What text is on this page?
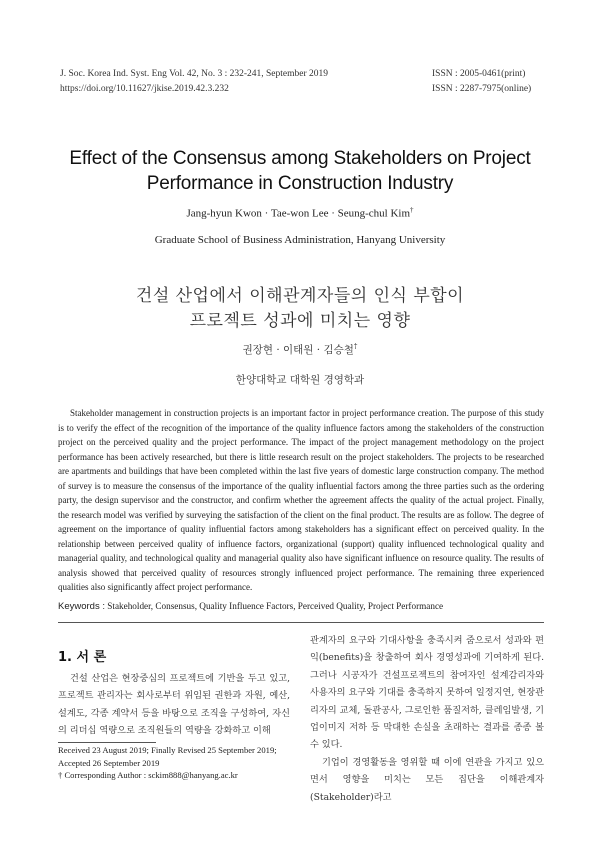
J. Soc. Korea Ind. Syst. Eng Vol. 42, No. 3 : 232-241, September 2019
https://doi.org/10.11627/jkise.2019.42.3.232
ISSN : 2005-0461(print)
ISSN : 2287-7975(online)
Effect of the Consensus among Stakeholders on Project
Performance in Construction Industry
Jang-hyun Kwon · Tae-won Lee · Seung-chul Kim†
Graduate School of Business Administration, Hanyang University
건설 산업에서 이해관계자들의 인식 부합이
프로젝트 성과에 미치는 영향
권장현 · 이태원 · 김승철†
한양대학교 대학원 경영학과
Stakeholder management in construction projects is an important factor in project performance creation. The purpose of this study is to verify the effect of the recognition of the importance of the quality influence factors among the stakeholders of the construction project on the perceived quality and the project performance. The impact of the project management methodology on the project performance has been actively researched, but there is little research result on the project stakeholders. The projects to be researched are apartments and buildings that have been completed within the last five years of domestic large construction company. The method of survey is to measure the consensus of the importance of the quality influential factors among the three parties such as the ordering party, the design supervisor and the constructor, and confirm whether the agreement affects the quality of the actual project. Finally, the research model was verified by surveying the satisfaction of the client on the final product. The results are as follow. The degree of agreement on the importance of quality influential factors among stakeholders has a significant effect on perceived quality. In the relationship between perceived quality of influence factors, organizational (support) quality influenced technological quality and managerial quality, and technological quality and managerial quality also have significant influence on resource quality. The results of analysis showed that perceived quality of resources strongly influenced project performance. The remaining three experienced qualities also significantly affect project performance.
Keywords : Stakeholder, Consensus, Quality Influence Factors, Perceived Quality, Project Performance
1. 서 론

건설 산업은 현장중심의 프로젝트에 기반을 두고 있고, 프로젝트 관리자는 회사로부터 위임된 권한과 자원, 예산, 설계도, 각종 계약서 등을 바탕으로 조직을 구성하여, 자신의 리더십 역량으로 조직원들의 역량을 강화하고 이해

Received 23 August 2019; Finally Revised 25 September 2019;
Accepted 26 September 2019
† Corresponding Author : sckim888@hanyang.ac.kr

관계자의 요구와 기대사항을 충족시켜 줌으로서 성과와 편익(benefits)을 창출하여 회사 경영성과에 기여하게 된다. 그러나 시공자가 건설프로젝트의 참여자인 설계감리자와 사용자의 요구와 기대를 충족하지 못하여 일정지연, 현장관리자의 교체, 돌관공사, 그로인한 품질저하, 클레임발생, 기업이미지 저하 등 막대한 손실을 초래하는 결과를 종종 볼 수 있다.

기업이 경영활동을 영위할 때 이에 연관을 가지고 있으면서 영향을 미치는 모든 집단을 이해관계자(Stakeholder)라고
